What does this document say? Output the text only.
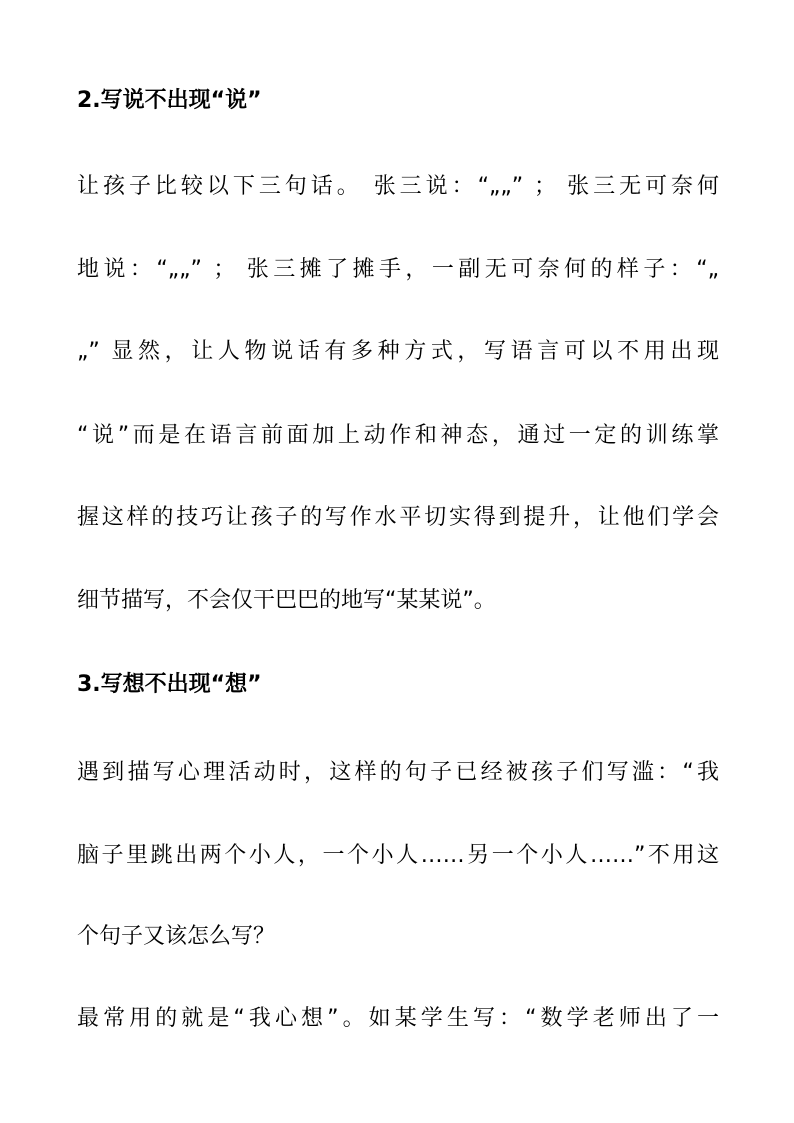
2.写说不出现“说”
让孩子比较以下三句话。 张三说：“„„” ； 张三无可奈何
地说：“„„” ； 张三摊了摊手，一副无可奈何的样子：“„
„” 显然，让人物说话有多种方式，写语言可以不用出现
“说”而是在语言前面加上动作和神态，通过一定的训练掌
握这样的技巧让孩子的写作水平切实得到提升，让他们学会
细节描写，不会仅干巴巴的地写“某某说”。
3.写想不出现“想”
遇到描写心理活动时，这样的句子已经被孩子们写滥：“我
脑子里跳出两个小人，一个小人……另一个小人……”不用这
个句子又该怎么写？
最常用的就是“我心想”。如某学生写：“数学老师出了一
